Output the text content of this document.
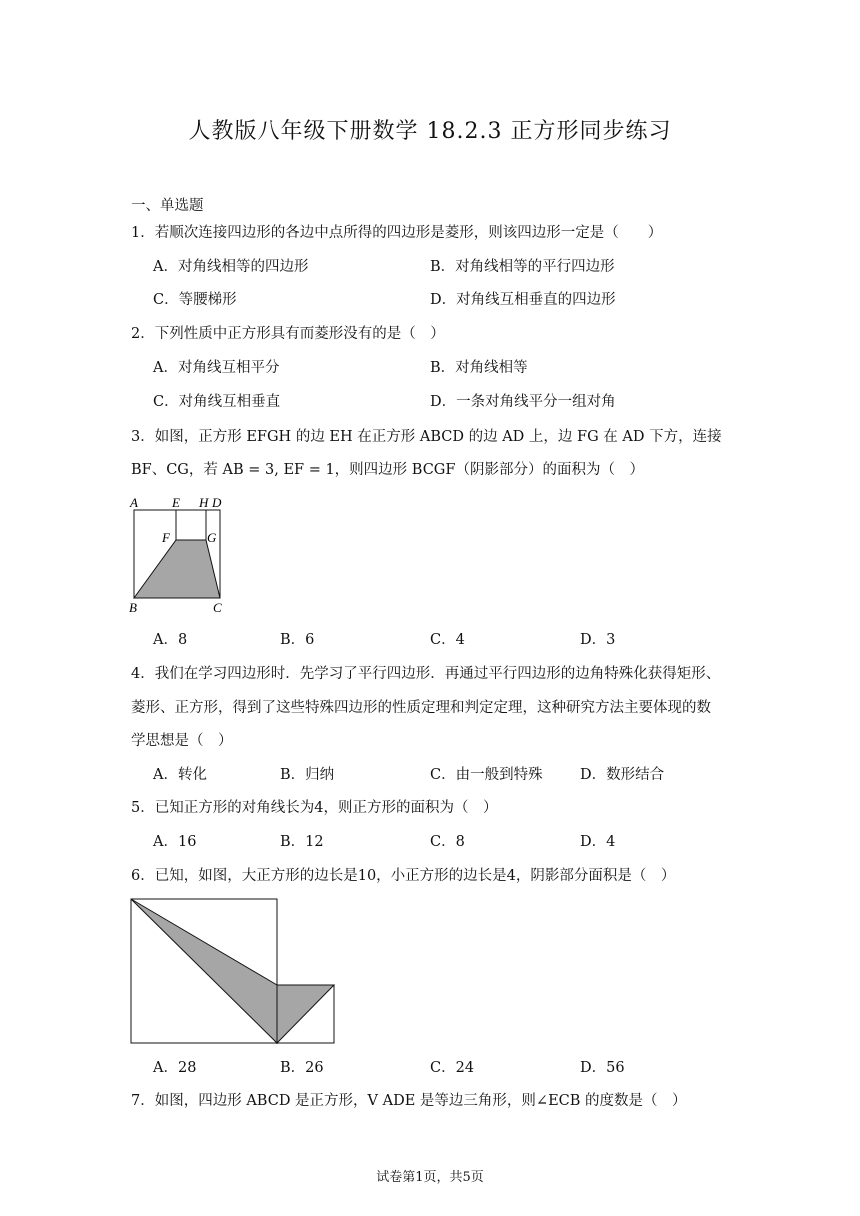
人教版八年级下册数学 18.2.3 正方形同步练习
一、单选题
1．若顺次连接四边形的各边中点所得的四边形是菱形，则该四边形一定是（　　）
A．对角线相等的四边形	B．对角线相等的平行四边形
C．等腰梯形	D．对角线互相垂直的四边形
2．下列性质中正方形具有而菱形没有的是（　）
A．对角线互相平分	B．对角线相等
C．对角线互相垂直	D．一条对角线平分一组对角
3．如图，正方形 EFGH 的边 EH 在正方形 ABCD 的边 AD 上，边 FG 在 AD 下方，连接
BF、CG，若 AB = 3, EF = 1，则四边形 BCGF（阴影部分）的面积为（　）
A	E H D
F	G
B	C
A．8	B．6	C．4	D．3
4．我们在学习四边形时．先学习了平行四边形．再通过平行四边形的边角特殊化获得矩形、
菱形、正方形，得到了这些特殊四边形的性质定理和判定定理，这种研究方法主要体现的数
学思想是（　）
A．转化	B．归纳	C．由一般到特殊	D．数形结合
5．已知正方形的对角线长为4，则正方形的面积为（　）
A．16	B．12	C．8	D．4
6．已知，如图，大正方形的边长是10，小正方形的边长是4，阴影部分面积是（　）
A．28	B．26	C．24	D．56
7．如图，四边形 ABCD 是正方形，V ADE 是等边三角形，则∠ECB 的度数是（　）
试卷第1页，共5页
